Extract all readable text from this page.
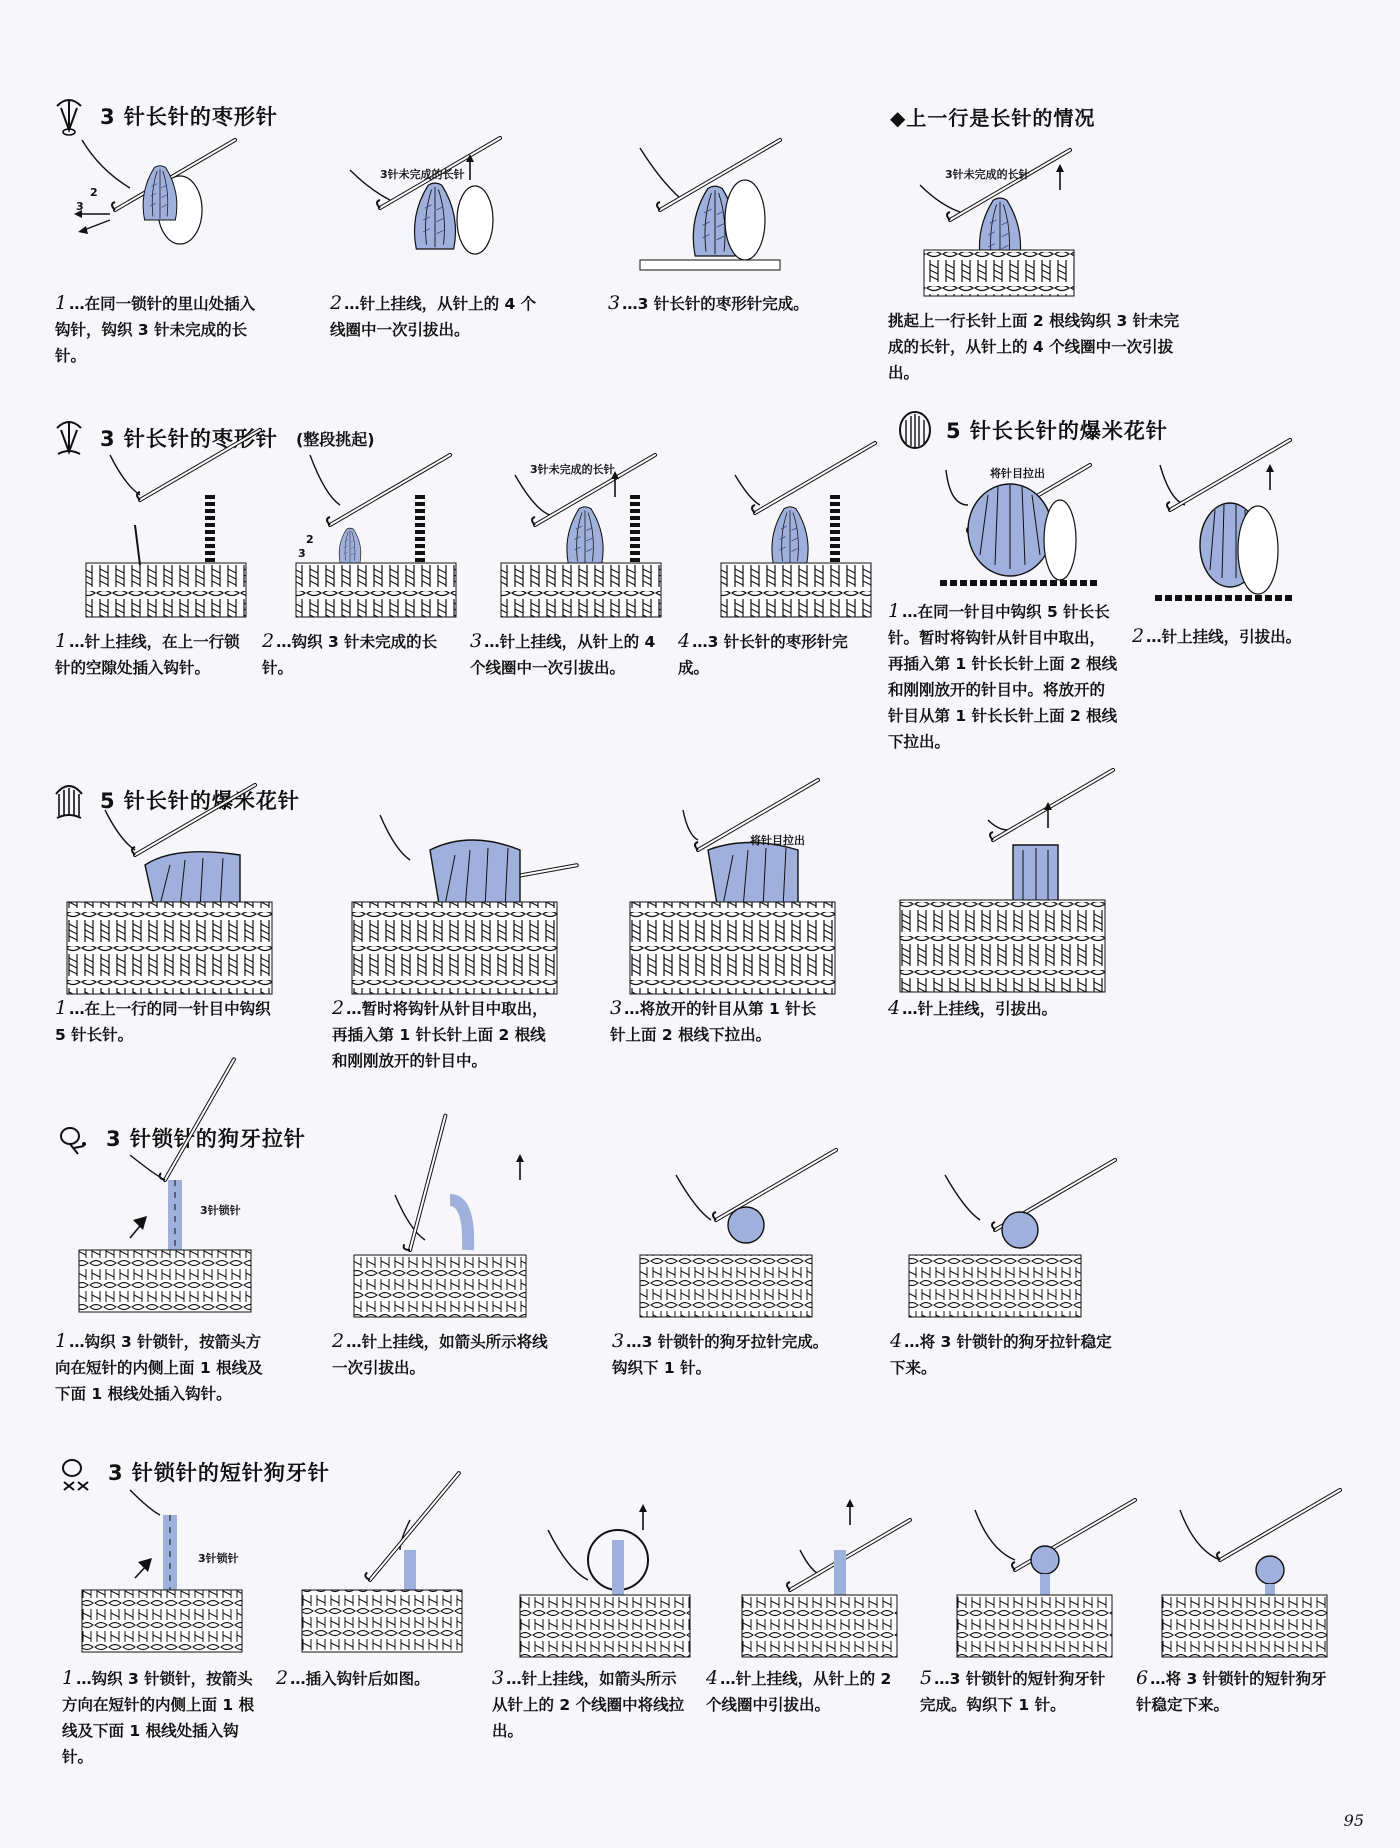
3 针长针的枣形针
2
3
3针未完成的长针
1 …在同一锁针的里山处插入钩针，钩织 3 针未完成的长针。
2 …针上挂线，从针上的 4 个线圈中一次引拔出。
3 …3 针长针的枣形针完成。
◆上一行是长针的情况
3针未完成的长针
挑起上一行长针上面 2 根线钩织 3 针未完成的长针，从针上的 4 个线圈中一次引拔出。
3 针长针的枣形针 (整段挑起)
2
3
3针未完成的长针
1 …针上挂线，在上一行锁针的空隙处插入钩针。
2 …钩织 3 针未完成的长针。
3 …针上挂线，从针上的 4 个线圈中一次引拔出。
4 …3 针长针的枣形针完成。
5 针长长针的爆米花针
将针目拉出
1 …在同一针目中钩织 5 针长长针。暂时将钩针从针目中取出，再插入第 1 针长长针上面 2 根线和刚刚放开的针目中。将放开的针目从第 1 针长长针上面 2 根线下拉出。
2 …针上挂线，引拔出。
5 针长针的爆米花针
将针目拉出
1 …在上一行的同一针目中钩织 5 针长针。
2 …暂时将钩针从针目中取出，再插入第 1 针长针上面 2 根线和刚刚放开的针目中。
3 …将放开的针目从第 1 针长针上面 2 根线下拉出。
4 …针上挂线，引拔出。
3 针锁针的狗牙拉针
3针锁针
1 …钩织 3 针锁针，按箭头方向在短针的内侧上面 1 根线及下面 1 根线处插入钩针。
2 …针上挂线，如箭头所示将线一次引拔出。
3 …3 针锁针的狗牙拉针完成。钩织下 1 针。
4 …将 3 针锁针的狗牙拉针稳定下来。
3 针锁针的短针狗牙针
3针锁针
1 …钩织 3 针锁针，按箭头方向在短针的内侧上面 1 根线及下面 1 根线处插入钩针。
2 …插入钩针后如图。	3 …针上挂线，如箭头所示从针上的 2 个线圈中将线拉出。
4 …针上挂线，从针上的 2 个线圈中引拔出。
5 …3 针锁针的短针狗牙针完成。钩织下 1 针。
6 …将 3 针锁针的短针狗牙针稳定下来。
95
